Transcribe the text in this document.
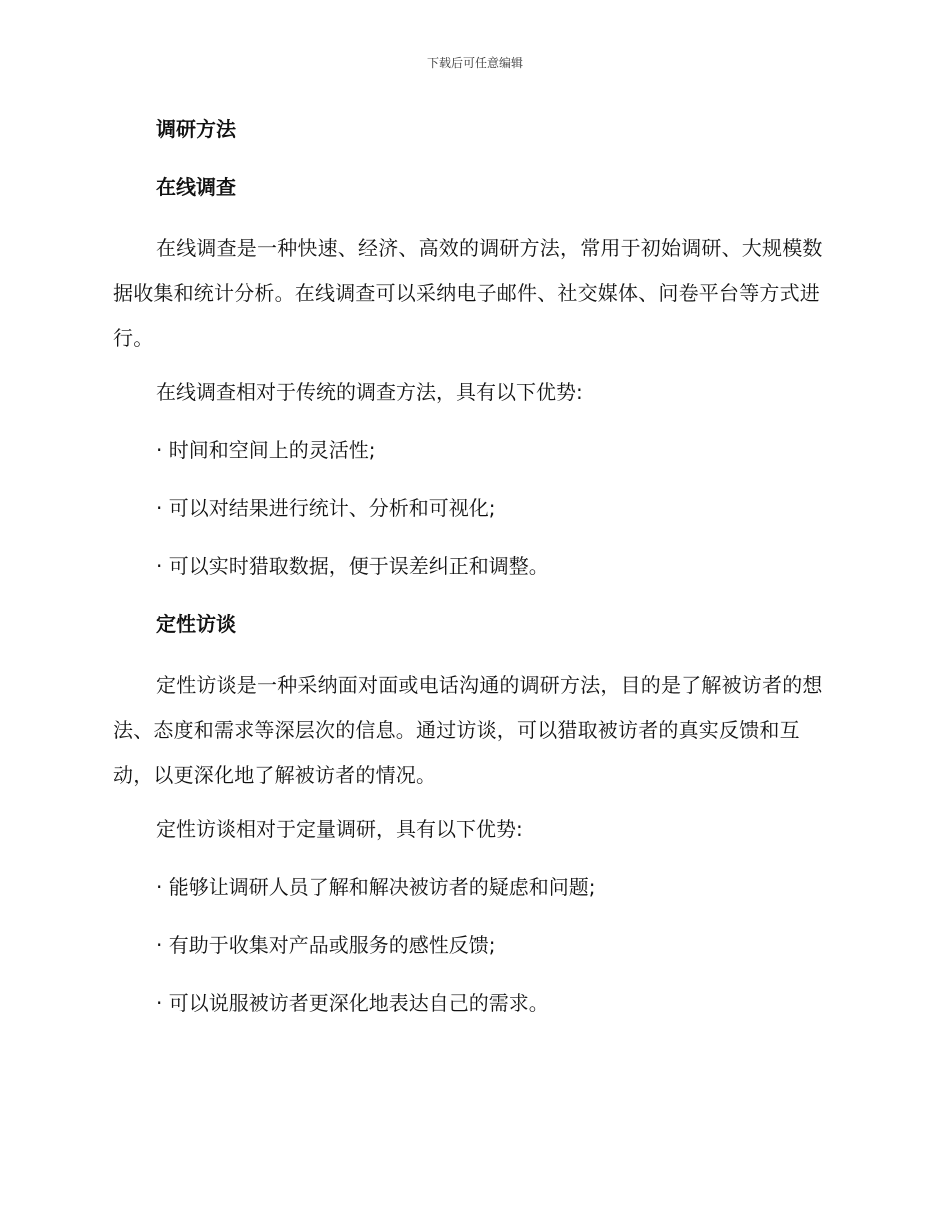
下载后可任意编辑
调研方法
在线调查
在线调查是一种快速、经济、高效的调研方法，常用于初始调研、大规模数据收集和统计分析。在线调查可以采纳电子邮件、社交媒体、问卷平台等方式进行。
在线调查相对于传统的调查方法，具有以下优势:
· 时间和空间上的灵活性;
· 可以对结果进行统计、分析和可视化;
· 可以实时猎取数据，便于误差纠正和调整。
定性访谈
定性访谈是一种采纳面对面或电话沟通的调研方法，目的是了解被访者的想法、态度和需求等深层次的信息。通过访谈，可以猎取被访者的真实反馈和互动，以更深化地了解被访者的情况。
定性访谈相对于定量调研，具有以下优势:
· 能够让调研人员了解和解决被访者的疑虑和问题;
· 有助于收集对产品或服务的感性反馈;
· 可以说服被访者更深化地表达自己的需求。
